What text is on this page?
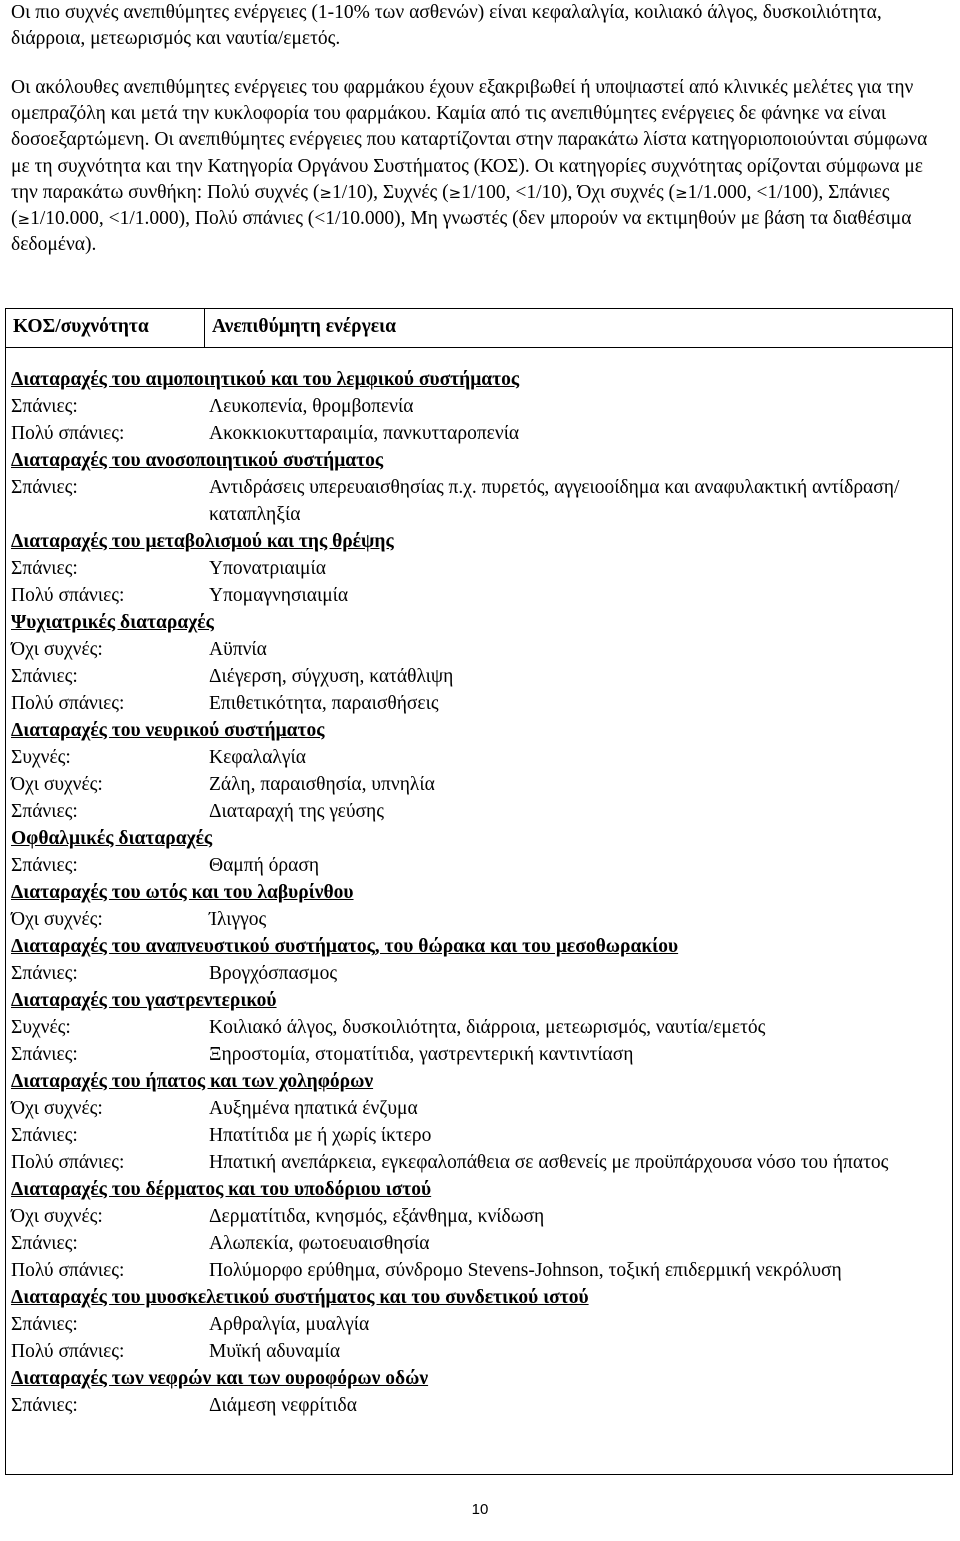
Οι πιο συχνές ανεπιθύμητες ενέργειες (1-10% των ασθενών) είναι κεφαλαλγία, κοιλιακό άλγος, δυσκοιλιότητα, διάρροια, μετεωρισμός και ναυτία/εμετός.

Οι ακόλουθες ανεπιθύμητες ενέργειες του φαρμάκου έχουν εξακριβωθεί ή υποψιαστεί από κλινικές μελέτες για την ομεπραζόλη και μετά την κυκλοφορία του φαρμάκου. Καμία από τις ανεπιθύμητες ενέργειες δε φάνηκε να είναι δοσοεξαρτώμενη. Οι ανεπιθύμητες ενέργειες που καταρτίζονται στην παρακάτω λίστα κατηγοριοποιούνται σύμφωνα με τη συχνότητα και την Κατηγορία Οργάνου Συστήματος (ΚΟΣ). Οι κατηγορίες συχνότητας ορίζονται σύμφωνα με την παρακάτω συνθήκη: Πολύ συχνές (≥1/10), Συχνές (≥1/100, <1/10), Όχι συχνές (≥1/1.000, <1/100), Σπάνιες (≥1/10.000, <1/1.000), Πολύ σπάνιες (<1/10.000), Μη γνωστές (δεν μπορούν να εκτιμηθούν με βάση τα διαθέσιμα δεδομένα).

ΚΟΣ/συχνότητα	Ανεπιθύμητη ενέργεια

Διαταραχές του αιμοποιητικού και του λεμφικού συστήματος
Σπάνιες:	Λευκοπενία, θρομβοπενία
Πολύ σπάνιες:	Ακοκκιοκυτταραιμία, πανκυτταροπενία
Διαταραχές του ανοσοποιητικού συστήματος
Σπάνιες:	Αντιδράσεις υπερευαισθησίας π.χ. πυρετός, αγγειοοίδημα και αναφυλακτική αντίδραση/καταπληξία
Διαταραχές του μεταβολισμού και της θρέψης
Σπάνιες:	Υπονατριαιμία
Πολύ σπάνιες:	Υπομαγνησιαιμία
Ψυχιατρικές διαταραχές
Όχι συχνές:	Αϋπνία
Σπάνιες:	Διέγερση, σύγχυση, κατάθλιψη
Πολύ σπάνιες:	Επιθετικότητα, παραισθήσεις
Διαταραχές του νευρικού συστήματος
Συχνές:	Κεφαλαλγία
Όχι συχνές:	Ζάλη, παραισθησία, υπνηλία
Σπάνιες:	Διαταραχή της γεύσης
Οφθαλμικές διαταραχές
Σπάνιες:	Θαμπή όραση
Διαταραχές του ωτός και του λαβυρίνθου
Όχι συχνές:	Ίλιγγος
Διαταραχές του αναπνευστικού συστήματος, του θώρακα και του μεσοθωρακίου
Σπάνιες:	Βρογχόσπασμος
Διαταραχές του γαστρεντερικού
Συχνές:	Κοιλιακό άλγος, δυσκοιλιότητα, διάρροια, μετεωρισμός, ναυτία/εμετός
Σπάνιες:	Ξηροστομία, στοματίτιδα, γαστρεντερική καντιντίαση
Διαταραχές του ήπατος και των χοληφόρων
Όχι συχνές:	Αυξημένα ηπατικά ένζυμα
Σπάνιες:	Ηπατίτιδα με ή χωρίς ίκτερο
Πολύ σπάνιες:	Ηπατική ανεπάρκεια, εγκεφαλοπάθεια σε ασθενείς με προϋπάρχουσα νόσο του ήπατος
Διαταραχές του δέρματος και του υποδόριου ιστού
Όχι συχνές:	Δερματίτιδα, κνησμός, εξάνθημα, κνίδωση
Σπάνιες:	Αλωπεκία, φωτοευαισθησία
Πολύ σπάνιες:	Πολύμορφο ερύθημα, σύνδρομο Stevens-Johnson, τοξική επιδερμική νεκρόλυση
Διαταραχές του μυοσκελετικού συστήματος και του συνδετικού ιστού
Σπάνιες:	Αρθραλγία, μυαλγία
Πολύ σπάνιες:	Μυϊκή αδυναμία
Διαταραχές των νεφρών και των ουροφόρων οδών
Σπάνιες:	Διάμεση νεφρίτιδα
10
